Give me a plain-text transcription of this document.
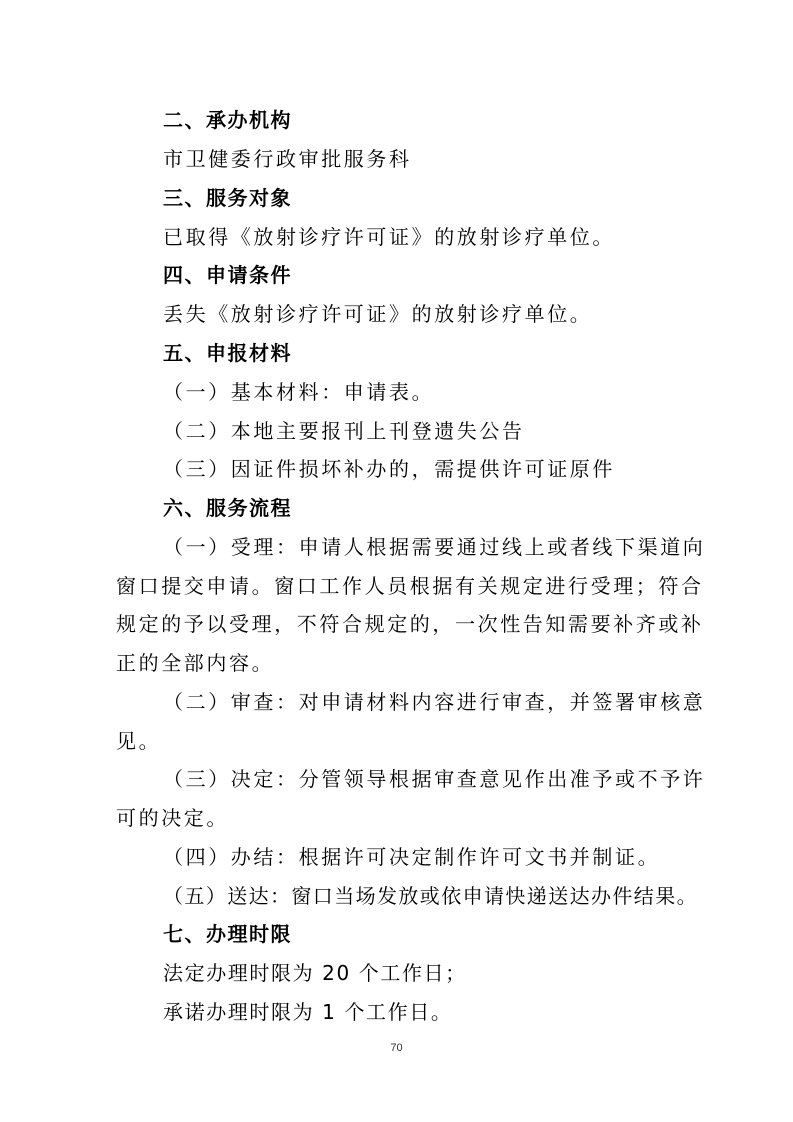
二、承办机构
市卫健委行政审批服务科
三、服务对象
已取得《放射诊疗许可证》的放射诊疗单位。
四、申请条件
丢失《放射诊疗许可证》的放射诊疗单位。
五、申报材料
（一）基本材料：申请表。
（二）本地主要报刊上刊登遗失公告
（三）因证件损坏补办的，需提供许可证原件
六、服务流程
（一）受理：申请人根据需要通过线上或者线下渠道向
窗口提交申请。窗口工作人员根据有关规定进行受理；符合
规定的予以受理，不符合规定的，一次性告知需要补齐或补
正的全部内容。
（二）审查：对申请材料内容进行审查，并签署审核意
见。
（三）决定：分管领导根据审查意见作出准予或不予许
可的决定。
（四）办结：根据许可决定制作许可文书并制证。
（五）送达：窗口当场发放或依申请快递送达办件结果。
七、办理时限
法定办理时限为 20 个工作日；
承诺办理时限为 1 个工作日。
70
